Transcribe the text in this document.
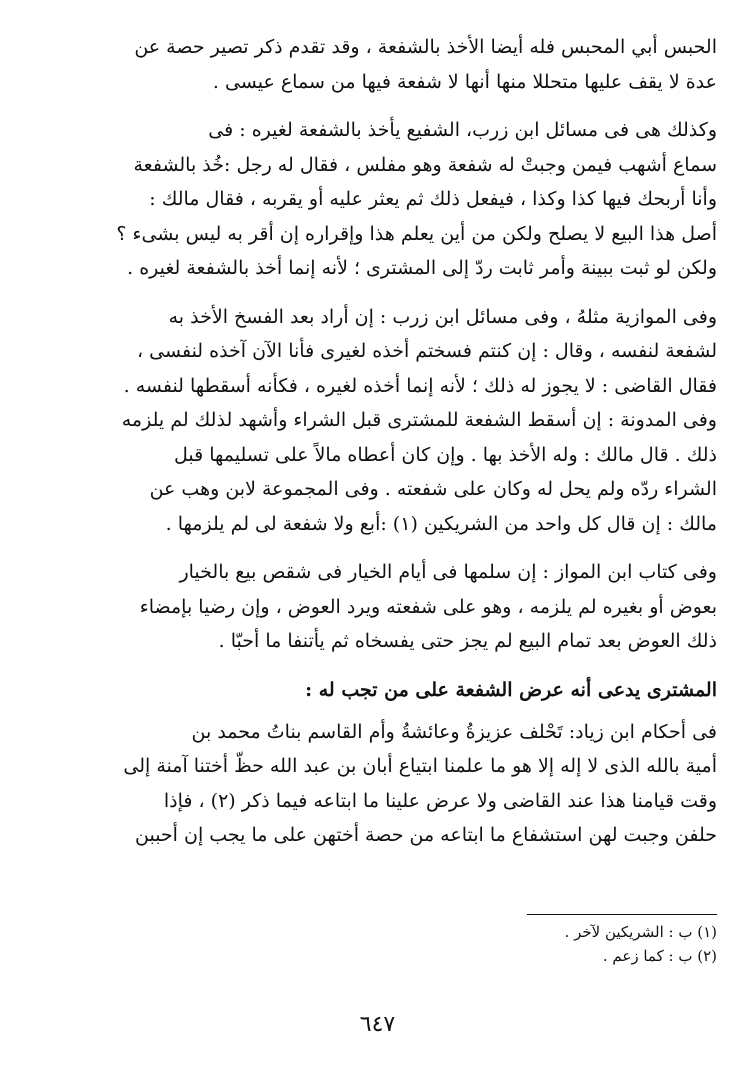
الحبس أبي المحبس فله أيضا الأخذ بالشفعة ، وقد تقدم ذكر تصير حصة عن
عدة لا يقف عليها متحللا منها أنها لا شفعة فيها من سماع عيسى .
وكذلك هى فى مسائل ابن زرب، الشفيع يأخذ بالشفعة لغيره : فى
سماع أشهب فيمن وجبتْ له شفعة وهو مفلس ، فقال له رجل :خُذ بالشفعة
وأنا أربحك فيها كذا وكذا ، فيفعل ذلك ثم يعثر عليه أو يقربه ، فقال مالك :
أصل هذا البيع لا يصلح ولكن من أين يعلم هذا وإقراره إن أقر به ليس بشىء ؟
ولكن لو ثبت ببينة وأمر ثابت ردّ إلى المشترى ؛ لأنه إنما أخذ بالشفعة لغيره .
وفى الموازية مثلهُ ، وفى مسائل ابن زرب : إن أراد بعد الفسخ الأخذ به
لشفعة لنفسه ، وقال : إن كنتم فسختم أخذه لغيرى فأنا الآن آخذه لنفسى ،
فقال القاضى : لا يجوز له ذلك ؛ لأنه إنما أخذه لغيره ، فكأنه أسقطها لنفسه .
وفى المدونة : إن أسقط الشفعة للمشترى قبل الشراء وأشهد لذلك لم يلزمه
ذلك . قال مالك : وله الأخذ بها . وإن كان أعطاه مالاً على تسليمها قبل
الشراء ردّه ولم يحل له وكان على شفعته . وفى المجموعة لابن وهب عن
مالك : إن قال كل واحد من الشريكين (١) :أبع ولا شفعة لى لم يلزمها .
وفى كتاب ابن المواز : إن سلمها فى أيام الخيار فى شقص بيع بالخيار
بعوض أو بغيره لم يلزمه ، وهو على شفعته ويرد العوض ، وإن رضيا بإمضاء
ذلك العوض بعد تمام البيع لم يجز حتى يفسخاه ثم يأتنفا ما أحبّا .
المشترى يدعى أنه عرض الشفعة على من تجب له :
فى أحكام ابن زياد: تَحْلف عزيزةُ وعائشةُ وأم القاسم بناتُ محمد بن
أمية بالله الذى لا إله إلا هو ما علمنا ابتياع أبان بن عبد الله حظّ أختنا آمنة إلى
وقت قيامنا هذا عند القاضى ولا عرض علينا ما ابتاعه فيما ذكر (٢) ، فإذا
حلفن وجبت لهن استشفاع ما ابتاعه من حصة أختهن على ما يجب إن أحببن
(١) ب : الشريكين لآخر .
(٢) ب : كما زعم .
٦٤٧
